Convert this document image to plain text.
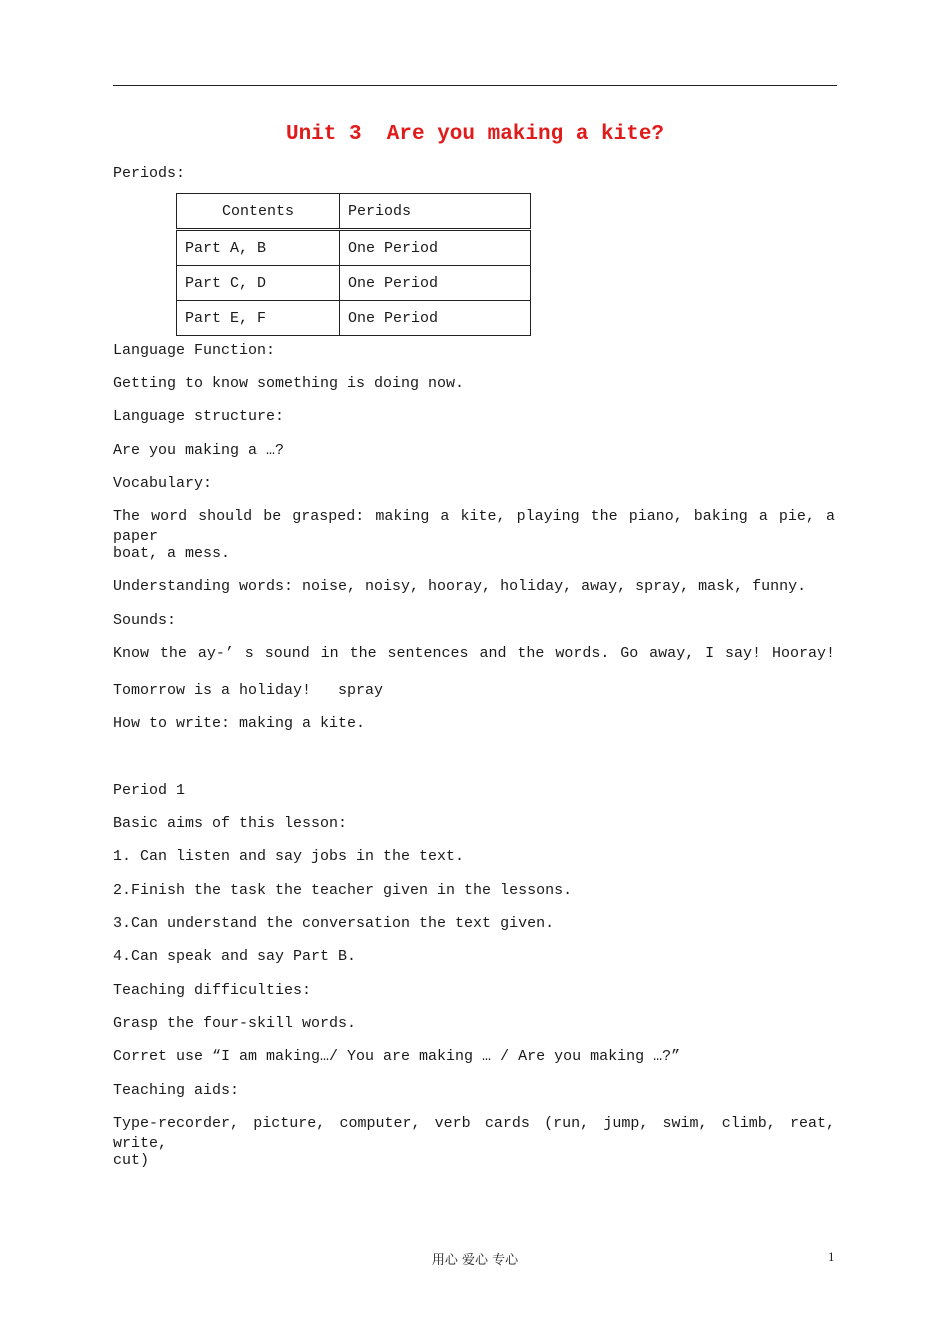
Unit 3  Are you making a kite?
Periods:
Contents	Periods
Part A, B	One Period
Part C, D	One Period
Part E, F	One Period
Language Function:
Getting to know something is doing now.
Language structure:
Are you making a …?
Vocabulary:
The word should be grasped: making a kite, playing the piano, baking a pie, a paper
boat, a mess.
Understanding words: noise, noisy, hooray, holiday, away, spray, mask, funny.
Sounds:
Know the ay-’ s sound in the sentences and the words. Go away, I say! Hooray!
Tomorrow is a holiday!   spray
How to write: making a kite.
Period 1
Basic aims of this lesson:
1. Can listen and say jobs in the text.
2.Finish the task the teacher given in the lessons.
3.Can understand the conversation the text given.
4.Can speak and say Part B.
Teaching difficulties:
Grasp the four-skill words.
Corret use “I am making…/ You are making … / Are you making …?”
Teaching aids:
Type-recorder, picture, computer, verb cards (run, jump, swim, climb, reat, write,
cut)
用心 爱心 专心	1
